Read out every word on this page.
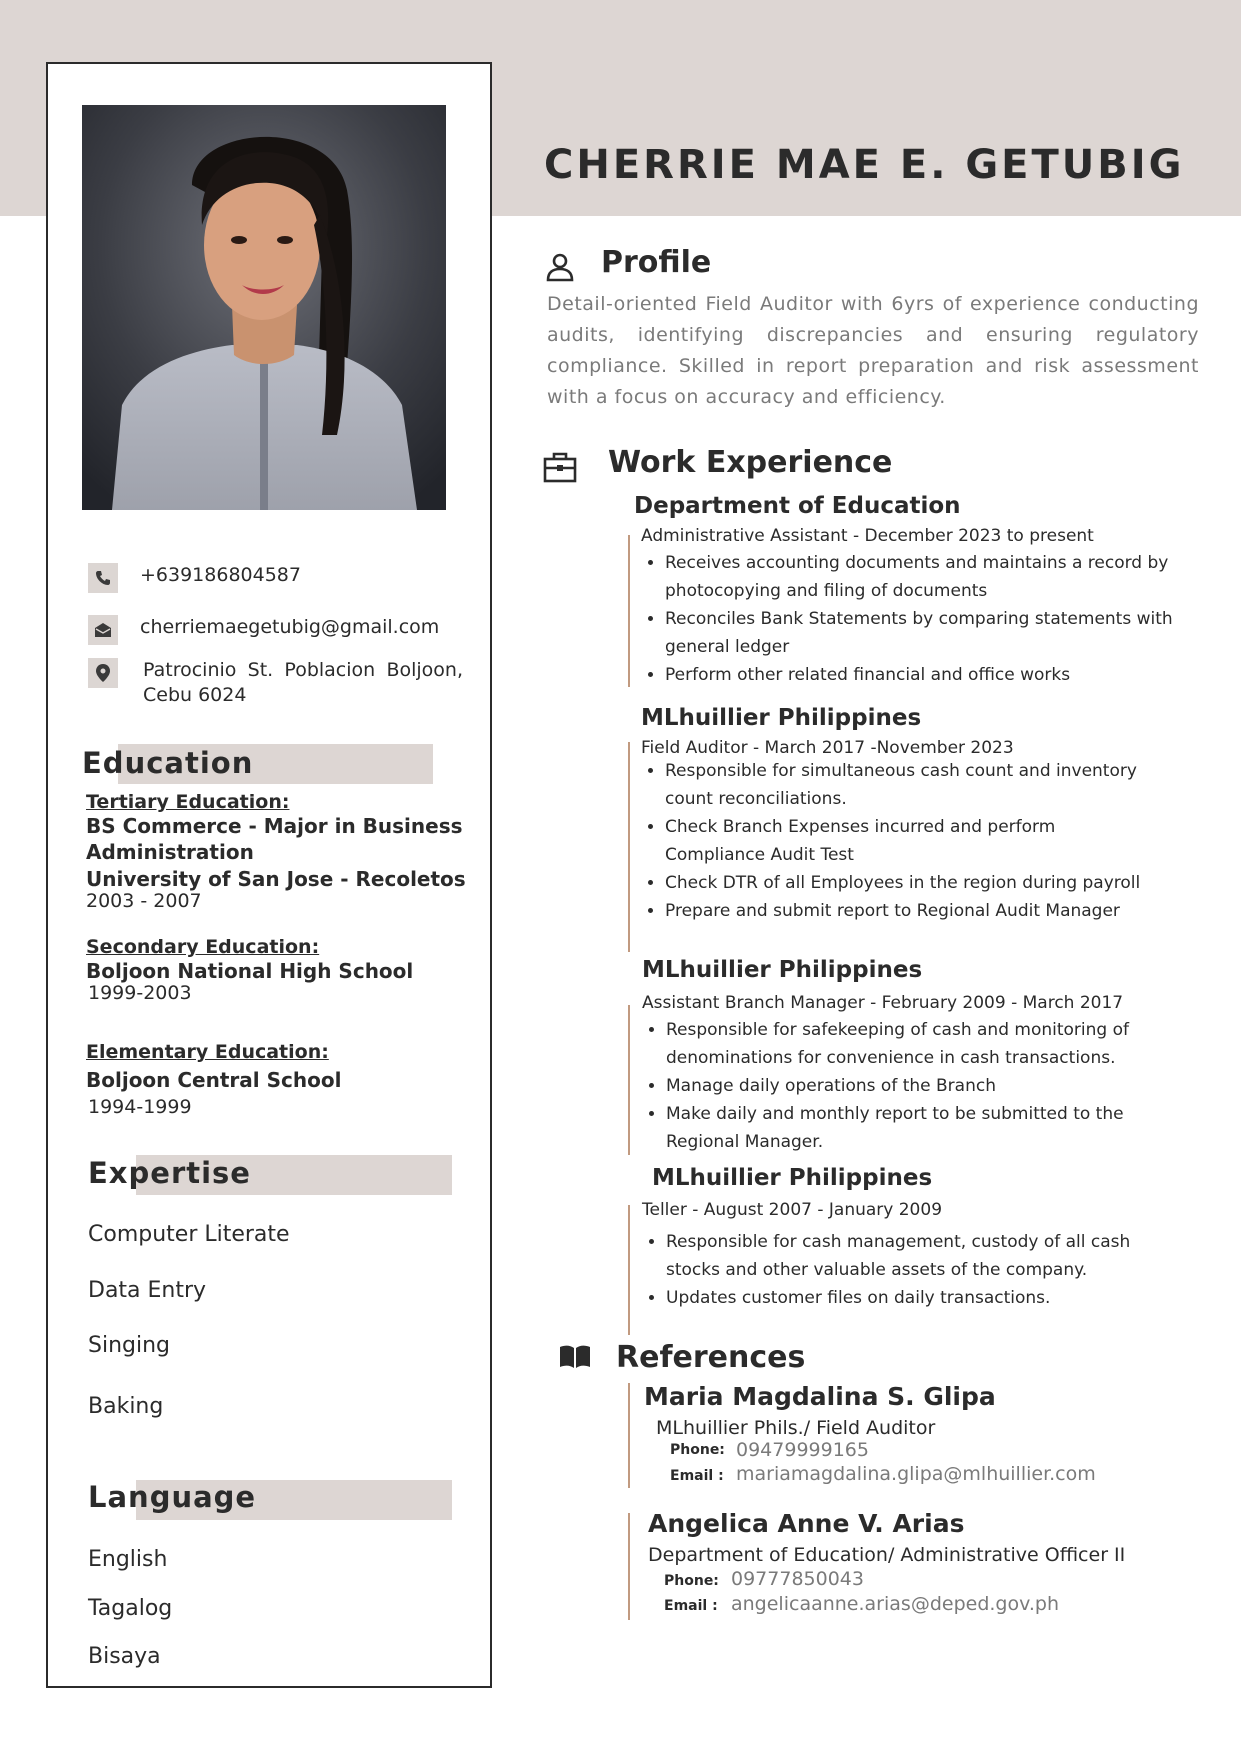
+639186804587
cherriemaegetubig@gmail.com
Patrocinio St. Poblacion Boljoon, Cebu 6024
Education
Tertiary Education:
BS Commerce - Major in Business Administration
University of San Jose - Recoletos
2003 - 2007
Secondary Education:
Boljoon National High School
1999-2003
Elementary Education:
Boljoon Central School
1994-1999
Expertise
Computer Literate
Data Entry
Singing
Baking
Language
English
Tagalog
Bisaya
CHERRIE MAE E. GETUBIG
Profile
Detail-oriented Field Auditor with 6yrs of experience conducting audits, identifying discrepancies and ensuring regulatory compliance. Skilled in report preparation and risk assessment with a focus on accuracy and efficiency.
Work Experience
Department of Education
Administrative Assistant - December 2023 to present
• Receives accounting documents and maintains a record by photocopying and filing of documents
• Reconciles Bank Statements by comparing statements with general ledger
• Perform other related financial and office works
MLhuillier Philippines
Field Auditor - March 2017 -November 2023
• Responsible for simultaneous cash count and inventory count reconciliations.
• Check Branch Expenses incurred and perform Compliance Audit Test
• Check DTR of all Employees in the region during payroll
• Prepare and submit report to Regional Audit Manager
MLhuillier Philippines
Assistant Branch Manager - February 2009 - March 2017
• Responsible for safekeeping of cash and monitoring of denominations for convenience in cash transactions.
• Manage daily operations of the Branch
• Make daily and monthly report to be submitted to the Regional Manager.
MLhuillier Philippines
Teller - August 2007 - January 2009
• Responsible for cash management, custody of all cash stocks and other valuable assets of the company.
• Updates customer files on daily transactions.
References
Maria Magdalina S. Glipa
MLhuillier Phils./ Field Auditor
Phone: 09479999165
Email : mariamagdalina.glipa@mlhuillier.com
Angelica Anne V. Arias
Department of Education/ Administrative Officer II
Phone: 09777850043
Email : angelicaanne.arias@deped.gov.ph
